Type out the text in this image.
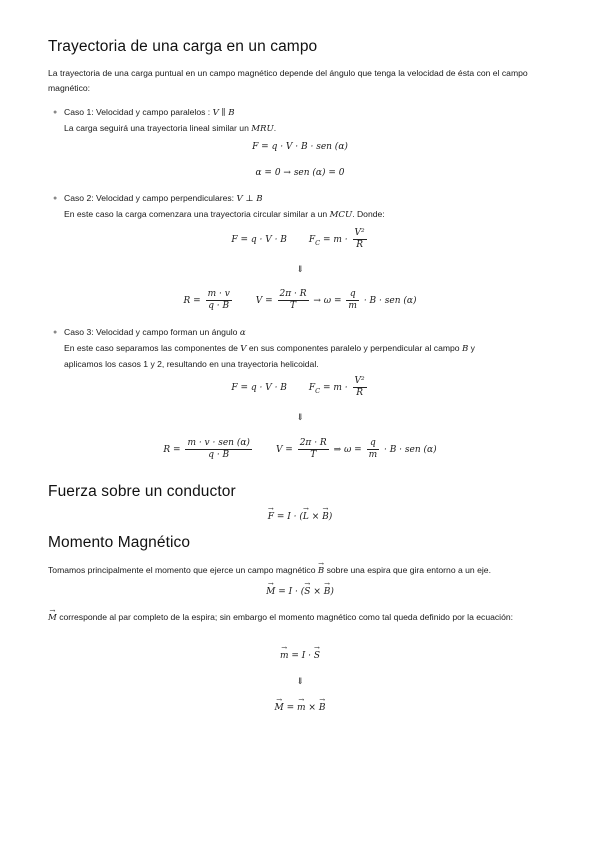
Trayectoria de una carga en un campo

La trayectoria de una carga puntual en un campo magnético depende del ángulo que tenga la velocidad de ésta con el campo magnético:

● Caso 1: Velocidad y campo paralelos : V ∥ B
La carga seguirá una trayectoria lineal similar un MRU.
F = q · V · B · sen (α)
α = 0 → sen (α) = 0
● Caso 2: Velocidad y campo perpendiculares: V ⊥ B
En este caso la carga comenzara una trayectoria circular similar a un MCU. Donde:
F = q · V · B $F_C = m \cdot \frac{\text{V²}}{R}$
⇓
$R = \frac{m \cdot v}{q \cdot B}$	$V = \frac{2\pi \cdot R}{T} \to \omega = \frac{q}{m} \cdot B$ · sen (α)
● Caso 3: Velocidad y campo forman un ángulo α
En este caso separamos las componentes de V en sus componentes paralelo y perpendicular al campo B y
aplicamos los casos 1 y 2, resultando en una trayectoria helicoidal.
F = q · V · B $F_C = m \cdot \frac{\text{V²}}{R}$
⇓
$R = \frac{\text{m · v · sen (α)}}{q \cdot B}$	$V = \frac{2\pi \cdot R}{T}$ ⇒ $\omega = \frac{q}{m} \cdot B$ · sen (α)
Fuerza sobre un conductor
→ F = I · (→ L × → B)
Momento Magnético

Tomamos principalmente el momento que ejerce un campo magnético → B sobre una espira que gira entorno a un eje.

→ M = I · (→ S × → B)

→ M corresponde al par completo de la espira; sin embargo el momento magnético como tal queda definido por la ecuación:

→ m = I · → S
⇓
→ M = → m × → B
